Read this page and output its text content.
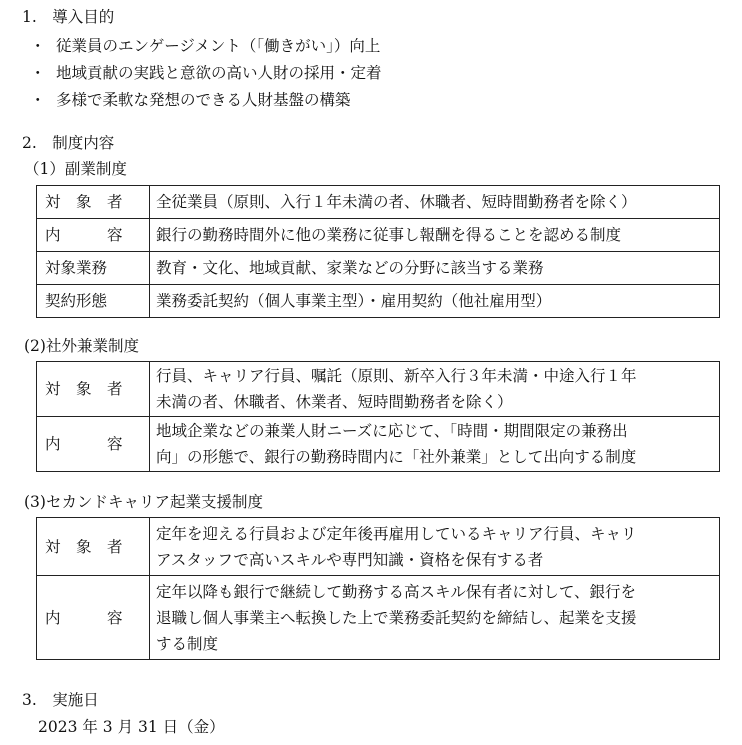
1.　導入目的
・ 従業員のエンゲージメント（「働きがい」）向上
・ 地域貢献の実践と意欲の高い人財の採用・定着
・ 多様で柔軟な発想のできる人財基盤の構築
2.　制度内容
（1）副業制度
対　象　者	全従業員（原則、入行１年未満の者、休職者、短時間勤務者を除く）
内　　　容	銀行の勤務時間外に他の業務に従事し報酬を得ることを認める制度
対象業務	教育・文化、地域貢献、家業などの分野に該当する業務
契約形態	業務委託契約（個人事業主型）・雇用契約（他社雇用型）
(2)社外兼業制度
対　象　者	行員、キャリア行員、嘱託（原則、新卒入行３年未満・中途入行１年
未満の者、休職者、休業者、短時間勤務者を除く）

内　　　容	地域企業などの兼業人財ニーズに応じて、「時間・期間限定の兼務出
向」の形態で、銀行の勤務時間内に「社外兼業」として出向する制度
(3)セカンドキャリア起業支援制度
対　象　者	定年を迎える行員および定年後再雇用しているキャリア行員、キャリ
アスタッフで高いスキルや専門知識・資格を保有する者

内　　　容	定年以降も銀行で継続して勤務する高スキル保有者に対して、銀行を
退職し個人事業主へ転換した上で業務委託契約を締結し、起業を支援
する制度
3.　実施日
2023 年 3 月 31 日（金）
